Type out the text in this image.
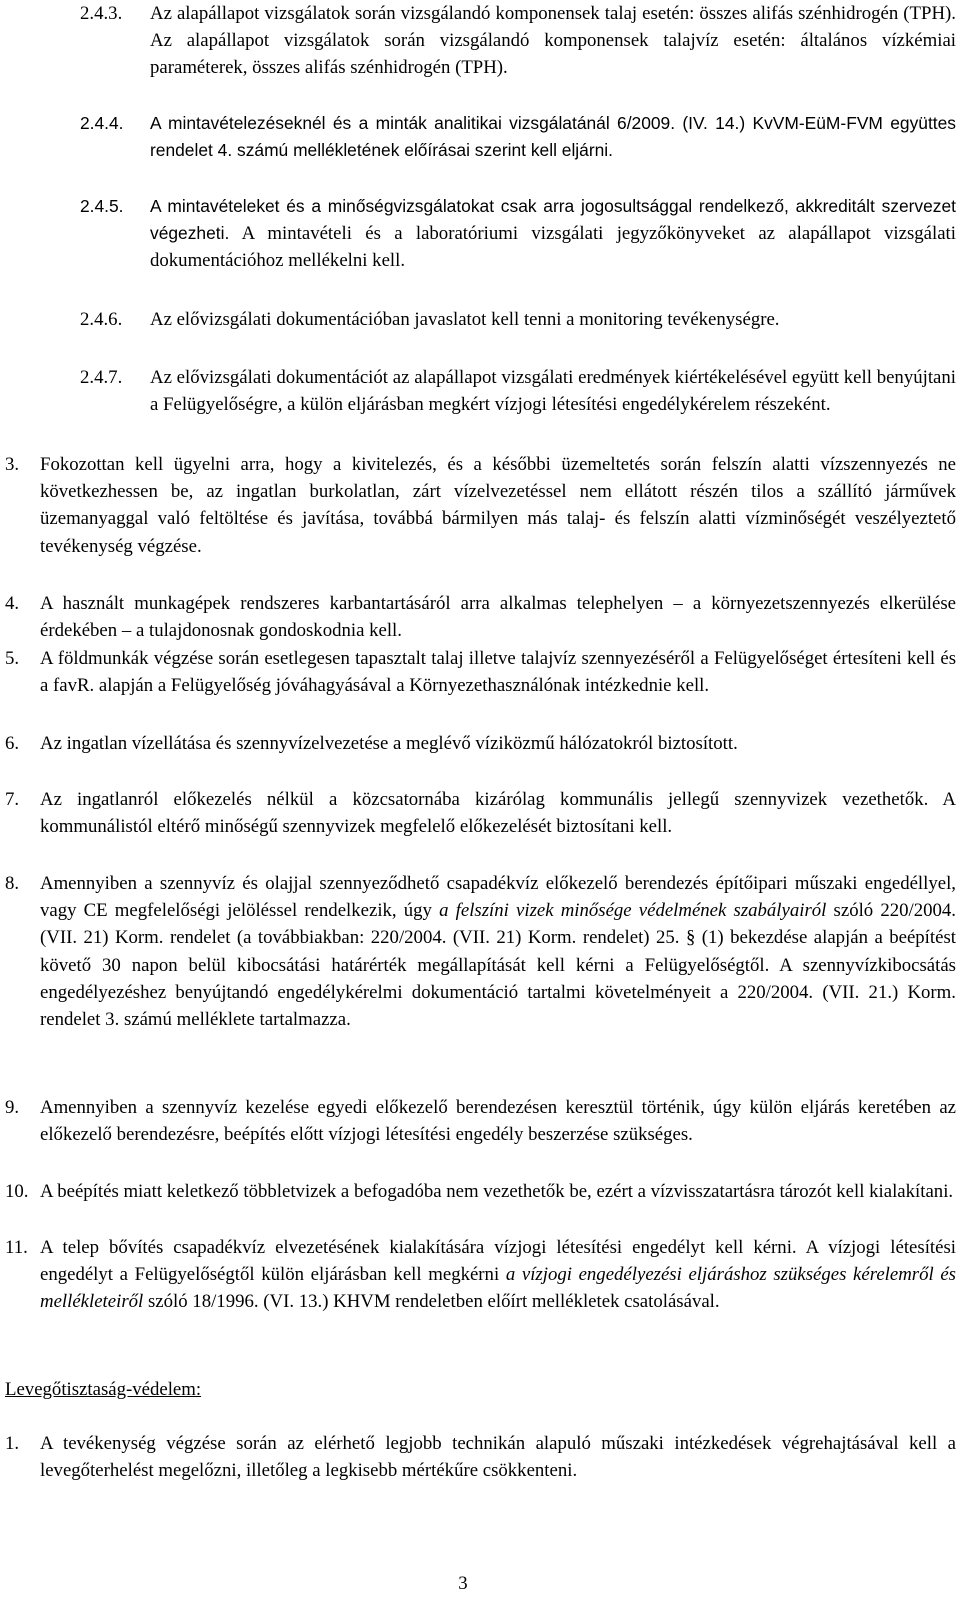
2.4.3.	Az alapállapot vizsgálatok során vizsgálandó komponensek talaj esetén: összes alifás szénhidrogén (TPH). Az alapállapot vizsgálatok során vizsgálandó komponensek talajvíz esetén: általános vízkémiai paraméterek, összes alifás szénhidrogén (TPH).

2.4.4.	A mintavételezéseknél és a minták analitikai vizsgálatánál 6/2009. (IV. 14.) KvVM-EüM-FVM együttes rendelet 4. számú mellékletének előírásai szerint kell eljárni.

2.4.5.	A mintavételeket és a minőségvizsgálatokat csak arra jogosultsággal rendelkező, akkreditált szervezet végezheti. A mintavételi és a laboratóriumi vizsgálati jegyzőkönyveket az alapállapot vizsgálati dokumentációhoz mellékelni kell.

2.4.6.	Az elővizsgálati dokumentációban javaslatot kell tenni a monitoring tevékenységre.

2.4.7.	Az elővizsgálati dokumentációt az alapállapot vizsgálati eredmények kiértékelésével együtt kell benyújtani a Felügyelőségre, a külön eljárásban megkért vízjogi létesítési engedélykérelem részeként.

3.	Fokozottan kell ügyelni arra, hogy a kivitelezés, és a későbbi üzemeltetés során felszín alatti vízszennyezés ne következhessen be, az ingatlan burkolatlan, zárt vízelvezetéssel nem ellátott részén tilos a szállító járművek üzemanyaggal való feltöltése és javítása, továbbá bármilyen más talaj- és felszín alatti vízminőségét veszélyeztető tevékenység végzése.

4.	A használt munkagépek rendszeres karbantartásáról arra alkalmas telephelyen – a környezetszennyezés elkerülése érdekében – a tulajdonosnak gondoskodnia kell.

5.	A földmunkák végzése során esetlegesen tapasztalt talaj illetve talajvíz szennyezéséről a Felügyelőséget értesíteni kell és a favR. alapján a Felügyelőség jóváhagyásával a Környezethasználónak intézkednie kell.

6.	Az ingatlan vízellátása és szennyvízelvezetése a meglévő víziközmű hálózatokról biztosított.

7.	Az ingatlanról előkezelés nélkül a közcsatornába kizárólag kommunális jellegű szennyvizek vezethetők. A kommunálistól eltérő minőségű szennyvizek megfelelő előkezelését biztosítani kell.

8.	Amennyiben a szennyvíz és olajjal szennyeződhető csapadékvíz előkezelő berendezés építőipari műszaki engedéllyel, vagy CE megfelelőségi jelöléssel rendelkezik, úgy a felszíni vizek minősége védelmének szabályairól szóló 220/2004. (VII. 21) Korm. rendelet (a továbbiakban: 220/2004. (VII. 21) Korm. rendelet) 25. § (1) bekezdése alapján a beépítést követő 30 napon belül kibocsátási határérték megállapítását kell kérni a Felügyelőségtől. A szennyvízkibocsátás engedélyezéshez benyújtandó engedélykérelmi dokumentáció tartalmi követelményeit a 220/2004. (VII. 21.) Korm. rendelet 3. számú melléklete tartalmazza.

9.	Amennyiben a szennyvíz kezelése egyedi előkezelő berendezésen keresztül történik, úgy külön eljárás keretében az előkezelő berendezésre, beépítés előtt vízjogi létesítési engedély beszerzése szükséges.

10. A beépítés miatt keletkező többletvizek a befogadóba nem vezethetők be, ezért a vízvisszatartásra tározót kell kialakítani.

11. A telep bővítés csapadékvíz elvezetésének kialakítására vízjogi létesítési engedélyt kell kérni. A vízjogi létesítési engedélyt a Felügyelőségtől külön eljárásban kell megkérni a vízjogi engedélyezési eljáráshoz szükséges kérelemről és mellékleteiről szóló 18/1996. (VI. 13.) KHVM rendeletben előírt mellékletek csatolásával.

Levegőtisztaság-védelem:
1.	A tevékenység végzése során az elérhető legjobb technikán alapuló műszaki intézkedések végrehajtásával kell a levegőterhelést megelőzni, illetőleg a legkisebb mértékűre csökkenteni.

3
